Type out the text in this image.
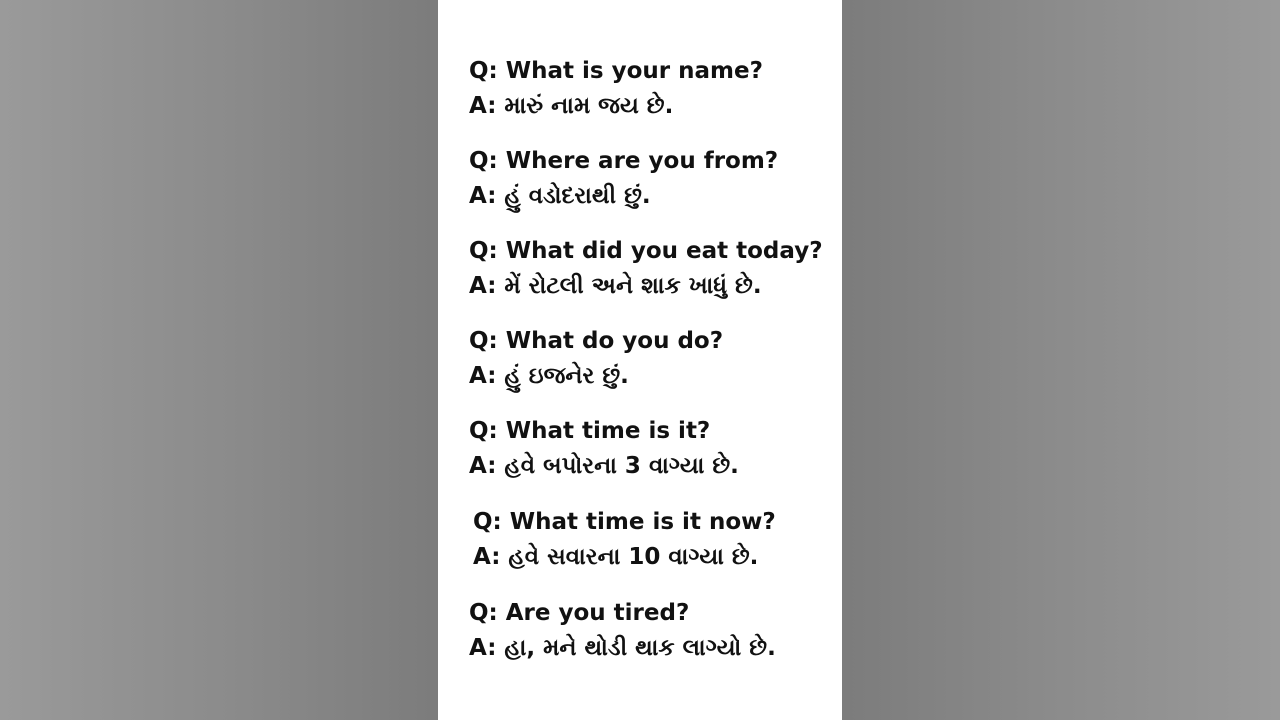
Q: What is your name?
A: મારું નામ જય છે.
Q: Where are you from?
A: હું વડોદરાથી છું.
Q: What did you eat today?
A: મેં રોટલી અને શાક ખાધું છે.
Q: What do you do?
A: હું ઇજનેર છું.
Q: What time is it?
A: હવે બપોરના 3 વાગ્યા છે.
Q: What time is it now?
A: હવે સવારના 10 વાગ્યા છે.
Q: Are you tired?
A: હા, મને થોડી થાક લાગ્યો છે.
